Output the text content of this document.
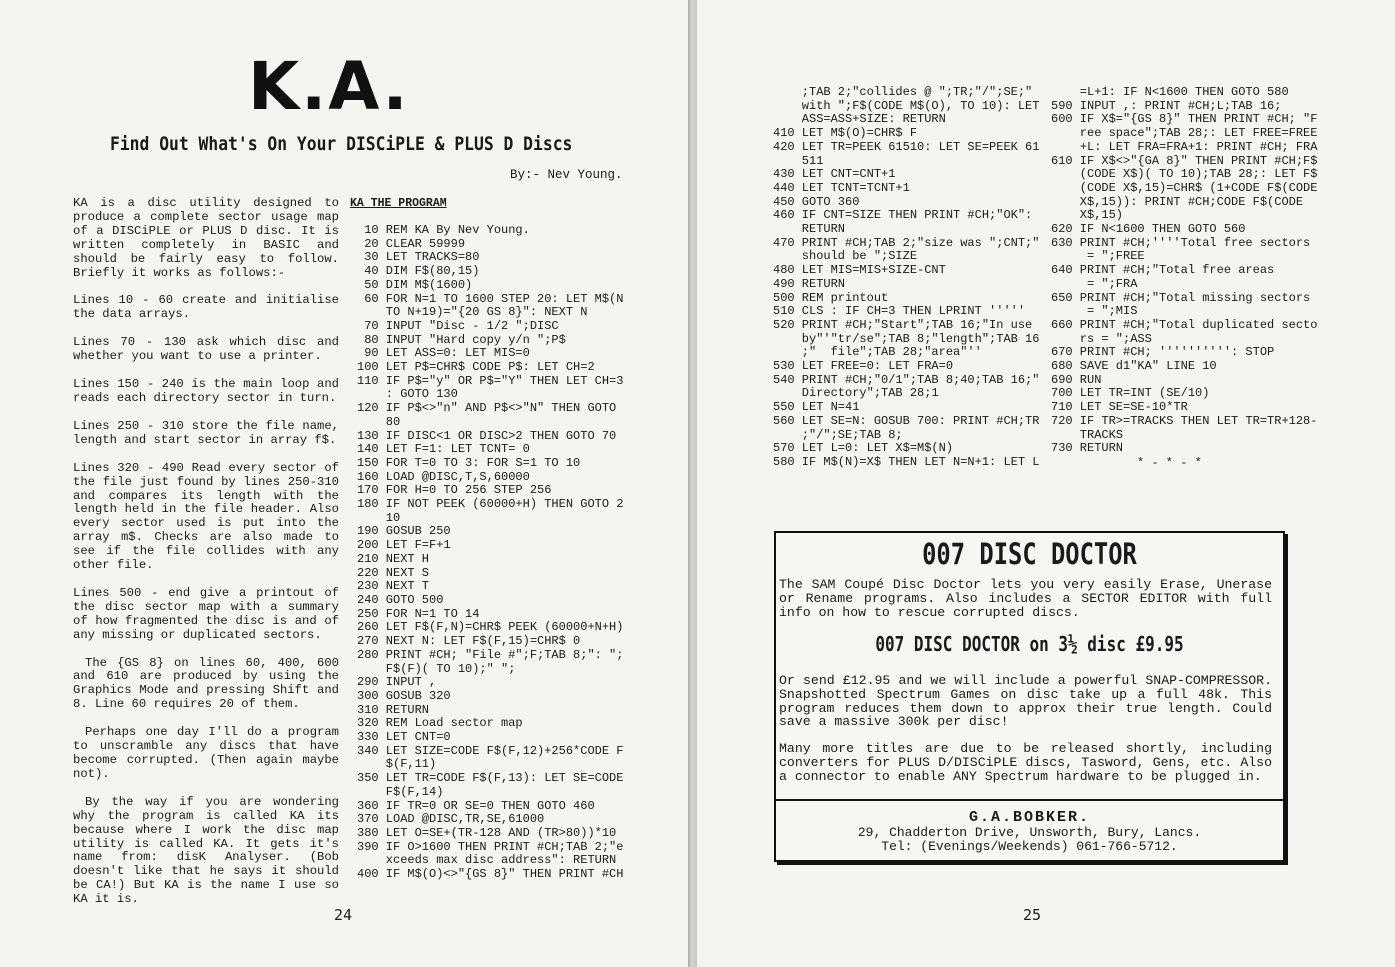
K.A.
Find Out What's On Your DISCiPLE & PLUS D Discs

By:- Nev Young.

KA is a disc utility designed to produce a complete sector usage map of a DISCiPLE or PLUS D disc. It is written completely in BASIC and should be fairly easy to follow. Briefly it works as follows:-

Lines 10 - 60 create and initialise the data arrays.

Lines 70 - 130 ask which disc and whether you want to use a printer.

Lines 150 - 240 is the main loop and reads each directory sector in turn.

Lines 250 - 310 store the file name, length and start sector in array f$.

Lines 320 - 490 Read every sector of the file just found by lines 250-310 and compares its length with the length held in the file header. Also every sector used is put into the array m$. Checks are also made to see if the file collides with any other file.

Lines 500 - end give a printout of the disc sector map with a summary of how fragmented the disc is and of any missing or duplicated sectors.

The {GS 8} on lines 60, 400, 600 and 610 are produced by using the Graphics Mode and pressing Shift and 8. Line 60 requires 20 of them.

Perhaps one day I'll do a program to unscramble any discs that have become corrupted. (Then again maybe not).

By the way if you are wondering why the program is called KA its because where I work the disc map utility is called KA. It gets it's name from: disK Analyser. (Bob doesn't like that he says it should be CA!) But KA is the name I use so KA it is.

KA THE PROGRAM

10 REM KA By Nev Young.
20 CLEAR 59999
30 LET TRACKS=80
40 DIM F$(80,15)
50 DIM M$(1600)
60 FOR N=1 TO 1600 STEP 20: LET M$(N
TO N+19)="{20 GS 8}": NEXT N
70 INPUT "Disc - 1/2 ";DISC
80 INPUT "Hard copy y/n ";P$
90 LET ASS=0: LET MIS=0
100 LET P$=CHR$ CODE P$: LET CH=2
110 IF P$="y" OR P$="Y" THEN LET CH=3
: GOTO 130
120 IF P$<>"n" AND P$<>"N" THEN GOTO
80
130 IF DISC<1 OR DISC>2 THEN GOTO 70
140 LET F=1: LET TCNT= 0
150 FOR T=0 TO 3: FOR S=1 TO 10
160 LOAD @DISC,T,S,60000
170 FOR H=0 TO 256 STEP 256
180 IF NOT PEEK (60000+H) THEN GOTO 2
10
190 GOSUB 250
200 LET F=F+1
210 NEXT H
220 NEXT S
230 NEXT T
240 GOTO 500
250 FOR N=1 TO 14
260 LET F$(F,N)=CHR$ PEEK (60000+N+H)
270 NEXT N: LET F$(F,15)=CHR$ 0
280 PRINT #CH; "File #";F;TAB 8;": ";
F$(F)( TO 10);" ";
290 INPUT ,
300 GOSUB 320
310 RETURN
320 REM Load sector map
330 LET CNT=0
340 LET SIZE=CODE F$(F,12)+256*CODE F
$(F,11)
350 LET TR=CODE F$(F,13): LET SE=CODE
F$(F,14)
360 IF TR=0 OR SE=0 THEN GOTO 460
370 LOAD @DISC,TR,SE,61000
380 LET O=SE+(TR-128 AND (TR>80))*10
390 IF O>1600 THEN PRINT #CH;TAB 2;"e
xceeds max disc address": RETURN
400 IF M$(O)<>"{GS 8}" THEN PRINT #CH

24

;TAB 2;"collides @ ";TR;"/";SE;"
with ";F$(CODE M$(O), TO 10): LET
ASS=ASS+SIZE: RETURN
410 LET M$(O)=CHR$ F
420 LET TR=PEEK 61510: LET SE=PEEK 61
511
430 LET CNT=CNT+1
440 LET TCNT=TCNT+1
450 GOTO 360
460 IF CNT=SIZE THEN PRINT #CH;"OK":
RETURN
470 PRINT #CH;TAB 2;"size was ";CNT;"
should be ";SIZE
480 LET MIS=MIS+SIZE-CNT
490 RETURN
500 REM printout
510 CLS : IF CH=3 THEN LPRINT '''''
520 PRINT #CH;"Start";TAB 16;"In use
by"'"tr/se";TAB 8;"length";TAB 16
;"  file";TAB 28;"area"''
530 LET FREE=0: LET FRA=0
540 PRINT #CH;"0/1";TAB 8;40;TAB 16;"
Directory";TAB 28;1
550 LET N=41
560 LET SE=N: GOSUB 700: PRINT #CH;TR
;"/";SE;TAB 8;
570 LET L=0: LET X$=M$(N)
580 IF M$(N)=X$ THEN LET N=N+1: LET L
=L+1: IF N<1600 THEN GOTO 580
590 INPUT ,: PRINT #CH;L;TAB 16;
600 IF X$="{GS 8}" THEN PRINT #CH; "F
ree space";TAB 28;: LET FREE=FREE
+L: LET FRA=FRA+1: PRINT #CH; FRA
610 IF X$<>"{GA 8}" THEN PRINT #CH;F$
(CODE X$)( TO 10);TAB 28;: LET F$
(CODE X$,15)=CHR$ (1+CODE F$(CODE
X$,15)): PRINT #CH;CODE F$(CODE
X$,15)
620 IF N<1600 THEN GOTO 560
630 PRINT #CH;''''Total free sectors
= ";FREE
640 PRINT #CH;"Total free areas
= ";FRA
650 PRINT #CH;"Total missing sectors
= ";MIS
660 PRINT #CH;"Total duplicated secto
rs = ";ASS
670 PRINT #CH; '''''''''': STOP
680 SAVE d1"KA" LINE 10
690 RUN
700 LET TR=INT (SE/10)
710 LET SE=SE-10*TR
720 IF TR>=TRACKS THEN LET TR=TR+128-
TRACKS
730 RETURN

* - * - *

007 DISC DOCTOR

The SAM Coupé Disc Doctor lets you very easily Erase, Unerase or Rename programs. Also includes a SECTOR EDITOR with full info on how to rescue corrupted discs.

007 DISC DOCTOR on 3½ disc £9.95

Or send £12.95 and we will include a powerful SNAP-COMPRESSOR. Snapshotted Spectrum Games on disc take up a full 48k. This program reduces them down to approx their true length. Could save a massive 300k per disc!

Many more titles are due to be released shortly, including converters for PLUS D/DISCiPLE discs, Tasword, Gens, etc. Also a connector to enable ANY Spectrum hardware to be plugged in.

G.A.BOBKER.

29, Chadderton Drive, Unsworth, Bury, Lancs.

Tel: (Evenings/Weekends) 061-766-5712.

25
